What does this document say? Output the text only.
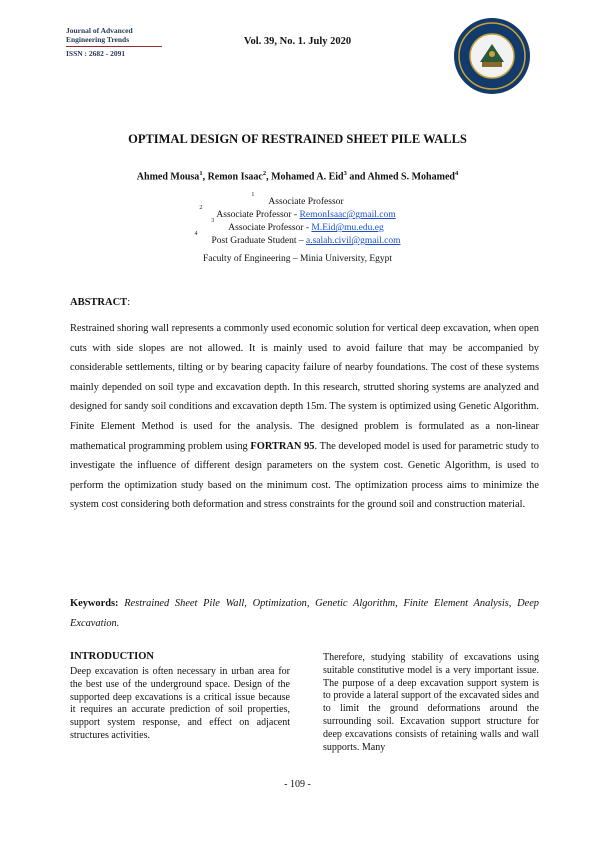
Journal of Advanced
Engineering Trends
ISSN : 2682 - 2091
Vol. 39, No. 1. July 2020
OPTIMAL DESIGN OF RESTRAINED SHEET PILE WALLS
Ahmed Mousa$^1$, Remon Isaac$^2$, Mohamed A. Eid$^3$ and Ahmed S. Mohamed$^4$
$^1$Associate Professor
$^2$Associate Professor - RemonIsaac@gmail.com
$^3$Associate Professor - M.Eid@mu.edu.eg
$^4$Post Graduate Student – a.salah.civil@gmail.com
Faculty of Engineering – Minia University, Egypt
ABSTRACT:
Restrained shoring wall represents a commonly used economic solution for vertical deep excavation, when open cuts with side slopes are not allowed. It is mainly used to avoid failure that may be accompanied by considerable settlements, tilting or by bearing capacity failure of nearby foundations. The cost of these systems mainly depended on soil type and excavation depth. In this research, strutted shoring systems are analyzed and designed for sandy soil conditions and excavation depth 15m. The system is optimized using Genetic Algorithm. Finite Element Method is used for the analysis. The designed problem is formulated as a non-linear mathematical programming problem using FORTRAN 95. The developed model is used for parametric study to investigate the influence of different design parameters on the system cost. Genetic Algorithm, is used to perform the optimization study based on the minimum cost. The optimization process aims to minimize the system cost considering both deformation and stress constraints for the ground soil and construction material.
Keywords: Restrained Sheet Pile Wall, Optimization, Genetic Algorithm, Finite Element Analysis, Deep Excavation.
INTRODUCTION
Deep excavation is often necessary in urban area for the best use of the underground space. Design of the supported deep excavations is a critical issue because it requires an accurate prediction of soil properties, support system response, and effect on adjacent structures activities.
Therefore, studying stability of excavations using suitable constitutive model is a very important issue. The purpose of a deep excavation support system is to provide a lateral support of the excavated sides and to limit the ground deformations around the surrounding soil. Excavation support structure for deep excavations consists of retaining walls and wall supports. Many
- 109 -
